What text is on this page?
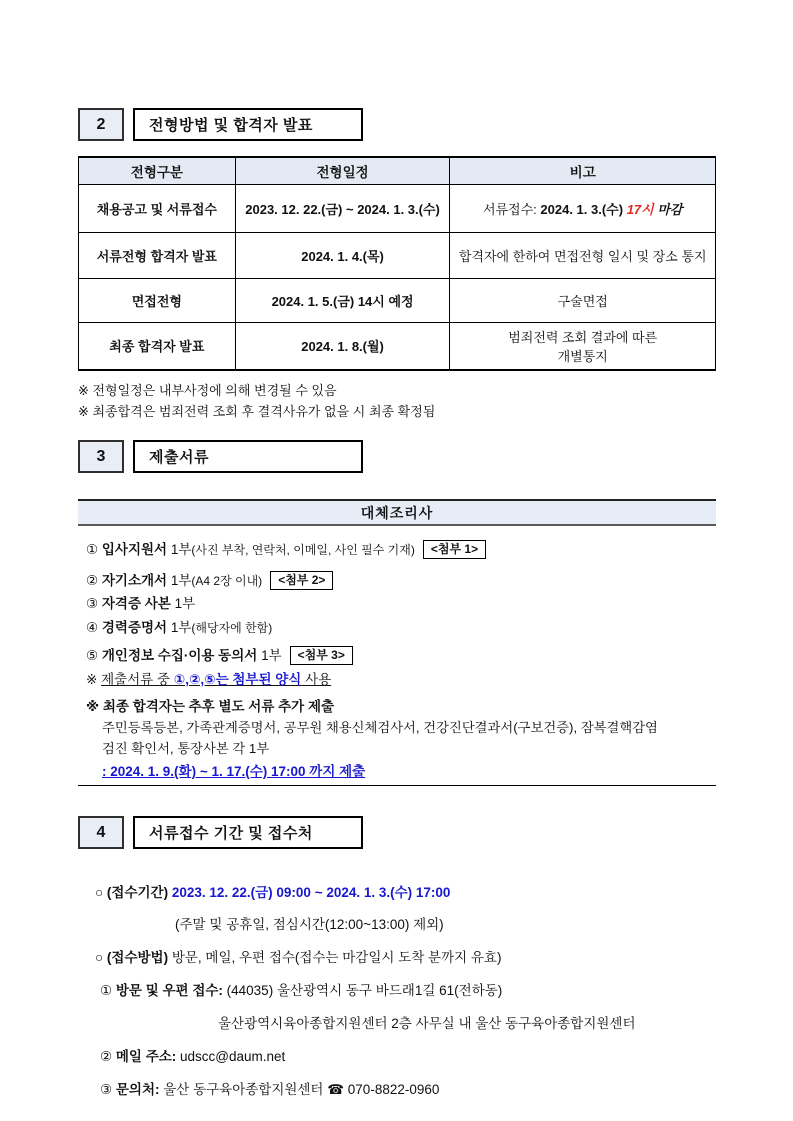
2	전형방법 및 합격자 발표
전형구분	전형일정	비고
채용공고 및 서류접수	2023. 12. 22.(금) ~ 2024. 1. 3.(수)	서류접수: 2024. 1. 3.(수) 17시 마감
서류전형 합격자 발표	2024. 1. 4.(목)	합격자에 한하여 면접전형 일시 및 장소 통지
면접전형	2024. 1. 5.(금) 14시 예정	구술면접
최종 합격자 발표	2024. 1. 8.(월)	범죄전력 조회 결과에 따른
개별통지
※ 전형일정은 내부사정에 의해 변경될 수 있음
※ 최종합격은 범죄전력 조회 후 결격사유가 없을 시 최종 확정됨
3	제출서류
대체조리사
① 입사지원서 1부(사진 부착, 연락처, 이메일, 사인 필수 기재) <첨부 1>
② 자기소개서 1부(A4 2장 이내) <첨부 2>
③ 자격증 사본 1부
④ 경력증명서 1부(해당자에 한함)
⑤ 개인정보 수집·이용 동의서 1부 <첨부 3>
※ 제출서류 중 ①,②,⑤는 첨부된 양식 사용
※ 최종 합격자는 추후 별도 서류 추가 제출
주민등록등본, 가족관계증명서, 공무원 채용신체검사서, 건강진단결과서(구보건증), 잠복결핵감염
검진 확인서, 통장사본 각 1부
: 2024. 1. 9.(화) ~ 1. 17.(수) 17:00 까지 제출
4	서류접수 기간 및 접수처
○ (접수기간) 2023. 12. 22.(금) 09:00 ~ 2024. 1. 3.(수) 17:00
(주말 및 공휴일, 점심시간(12:00~13:00) 제외)
○ (접수방법) 방문, 메일, 우편 접수(접수는 마감일시 도착 분까지 유효)
① 방문 및 우편 접수: (44035) 울산광역시 동구 바드래1길 61(전하동)
울산광역시육아종합지원센터 2층 사무실 내 울산 동구육아종합지원센터
② 메일 주소: udscc@daum.net
③ 문의처: 울산 동구육아종합지원센터 ☎ 070-8822-0960
